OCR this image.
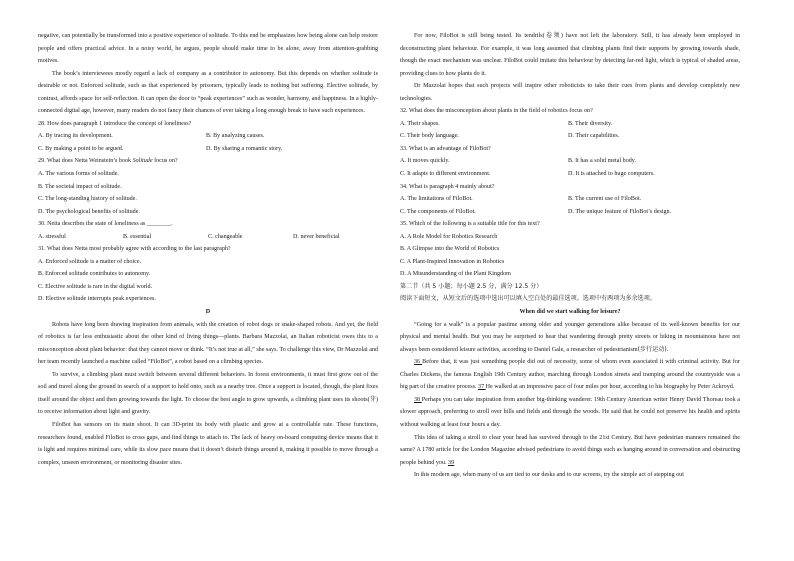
negative, can potentially be transformed into a positive experience of solitude. To this end he emphasizes how being alone can help restore people and offers practical advice. In a noisy world, he argues, people should make time to be alone, away from attention-grabbing motives.

The book’s interviewees mostly regard a lack of company as a contributor to autonomy. But this depends on whether solitude is desirable or not. Enforced solitude, such as that experienced by prisoners, typically leads to nothing but suffering. Elective solitude, by contrast, affords space for self-reflection. It can open the door to “peak experiences” such as wonder, harmony, and happiness. In a highly-connected digital age, however, many readers do not fancy their chances of ever taking a long enough break to have such experiences.

28. How does paragraph 1 introduce the concept of loneliness?

A. By tracing its development.	B. By analyzing causes.
C. By making a point to be argued.	D. By sharing a romantic story.

29. What does Netta Weinstein’s book Solitude focus on?

A. The various forms of solitude.

B. The societal impact of solitude.

C. The long-standing history of solitude.

D. The psychological benefits of solitude.

30. Netta describes the state of loneliness as ________.

A. stressful	B. essential	C. changeable	D. never beneficial

31. What does Netta most probably agree with according to the last paragraph?

A. Enforced solitude is a matter of choice.

B. Enforced solitude contributes to autonomy.

C. Elective solitude is rare in the digital world.

D. Elective solitude interrupts peak experiences.

D

Robots have long been drawing inspiration from animals, with the creation of robot dogs or snake-shaped robots. And yet, the field of robotics is far less enthusiastic about the other kind of living things—plants. Barbara Mazzolai, an Italian roboticist owes this to a misconception about plant behavior: that they cannot move or think. “It’s not true at all,” she says. To challenge this view, Dr Mazzolai and her team recently launched a machine called “FiloBot”, a robot based on a climbing species.

To survive, a climbing plant must switch between several different behaviors. In forest environments, it must first grow out of the soil and travel along the ground in search of a support to hold onto, such as a nearby tree. Once a support is located, though, the plant fixes itself around the object and then growing towards the light. To choose the best angle to grow upwards, a climbing plant uses its shoots(芽) to receive information about light and gravity.

FiloBot has sensors on its main shoot. It can 3D-print its body with plastic and grow at a controllable rate. These functions, researchers found, enabled FiloBot to cross gaps, and find things to attach to. The lack of heavy on-board computing device means that it is light and requires minimal care, while its slow pace means that it doesn’t disturb things around it, making it possible to move through a complex, unseen environment, or monitoring disaster sites.

For now, FiloBot is still being tested. Its tendrils(卷须) have not left the laboratory. Still, it has already been employed in deconstructing plant behaviour. For example, it was long assumed that climbing plants find their supports by growing towards shade, though the exact mechanism was unclear. FiloBot could imitate this behaviour by detecting far-red light, which is typical of shaded areas, providing clues to how plants do it.

Dr Mazzolai hopes that such projects will inspire other roboticists to take their cues from plants and develop completely new technologies.

32. What does the misconception about plants in the field of robotics focus on?

A. Their shapes.	B. Their diversity.
C. Their body language.	D. Their capabilities.

33. What is an advantage of FiloBot?

A. It moves quickly.	B. It has a solid metal body.
C. It adapts to different environment.	D. It is attached to huge computers.

34. What is paragraph 4 mainly about?

A. The limitations of FiloBot.	B. The current use of FiloBot.
C. The components of FiloBot.	D. The unique feature of FiloBot’s design.

35. Which of the following is a suitable title for this text?

A. A Role Model for Robotics Research

B. A Glimpse into the World of Robotics

C. A Plant-Inspired Innovation in Robotics

D. A Misunderstanding of the Plant Kingdom

第二节（共 5 小题；每小题 2.5 分，满分 12.5 分）

阅读下面短文，从短文后的选项中选出可以填入空白处的最佳选项。选项中有两项为多余选项。

When did we start walking for leisure?

“Going for a walk” is a popular pastime among older and younger generations alike because of its well-known benefits for our physical and mental health. But you may be surprised to hear that wandering through pretty streets or hiking in mountainous have not always been considered leisure activities, according to Daniel Gale, a researcher of pedestrianism(步行运动).

36 Before that, it was just something people did out of necessity, some of whom even associated it with criminal activity. But for Charles Dickens, the famous English 19th Century author, marching through London streets and tramping around the countryside was a big part of the creative process. 37 He walked at an impressive pace of four miles per hour, according to his biography by Peter Ackroyd.

38 Perhaps you can take inspiration from another big-thinking wanderer. 19th Century American writer Henry David Thoreau took a slower approach, preferring to stroll over hills and fields and through the woods. He said that he could not preserve his health and spirits without walking at least four hours a day.

This idea of taking a stroll to clear your head has survived through to the 21st Century. But have pedestrian manners remained the same? A 1780 article for the London Magazine advised pedestrians to avoid things such as hanging around in conversation and obstructing people behind you. 39

In this modern age, when many of us are tied to our desks and to our screens, try the simple act of stepping out
